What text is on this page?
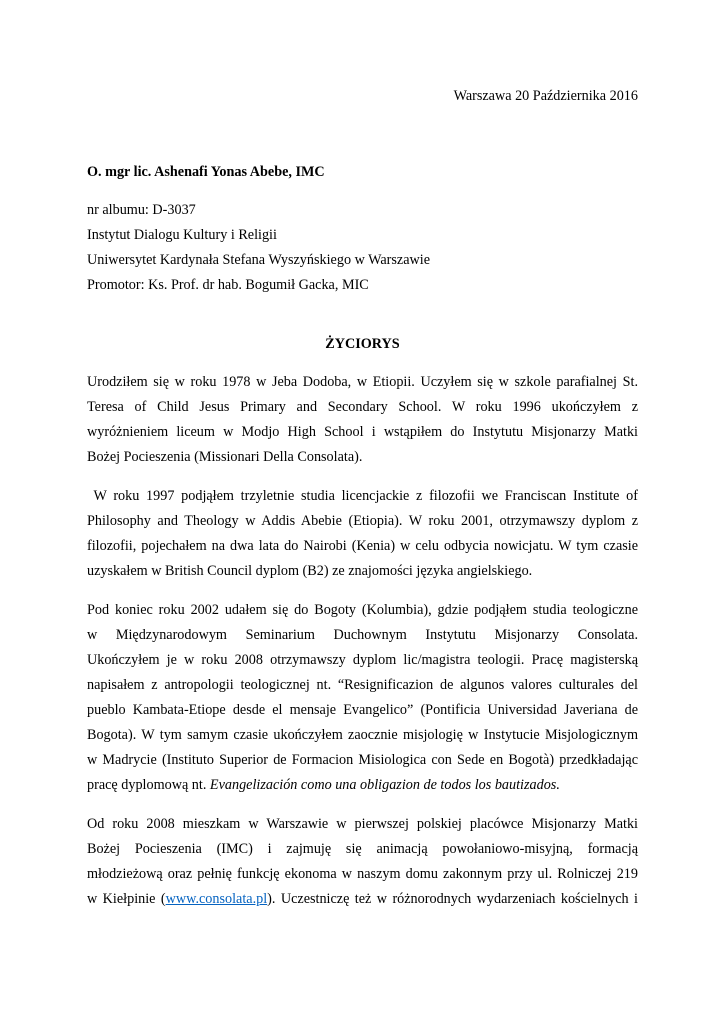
Warszawa 20 Października 2016
O. mgr lic. Ashenafi Yonas Abebe, IMC
nr albumu: D-3037
Instytut Dialogu Kultury i Religii
Uniwersytet Kardynała Stefana Wyszyńskiego w Warszawie
Promotor: Ks. Prof. dr hab. Bogumił Gacka, MIC
ŻYCIORYS
Urodziłem się w roku 1978 w Jeba Dodoba, w Etiopii. Uczyłem się w szkole parafialnej St.
Teresa of Child Jesus Primary and Secondary School. W roku 1996 ukończyłem z
wyróżnieniem liceum w Modjo High School i wstąpiłem do Instytutu Misjonarzy Matki
Bożej Pocieszenia (Missionari Della Consolata).
W roku 1997 podjąłem trzyletnie studia licencjackie z filozofii we Franciscan Institute of
Philosophy and Theology w Addis Abebie (Etiopia). W roku 2001, otrzymawszy dyplom z
filozofii, pojechałem na dwa lata do Nairobi (Kenia) w celu odbycia nowicjatu. W tym czasie
uzyskałem w British Council dyplom (B2) ze znajomości języka angielskiego.
Pod koniec roku 2002 udałem się do Bogoty (Kolumbia), gdzie podjąłem studia teologiczne
w Międzynarodowym Seminarium Duchownym Instytutu Misjonarzy Consolata.
Ukończyłem je w roku 2008 otrzymawszy dyplom lic/magistra teologii. Pracę magisterską
napisałem z antropologii teologicznej nt. “Resignificazion de algunos valores culturales del
pueblo Kambata-Etiope desde el mensaje Evangelico” (Pontificia Universidad Javeriana de
Bogota). W tym samym czasie ukończyłem zaocznie misjologię w Instytucie Misjologicznym
w Madrycie (Instituto Superior de Formacion Misiologica con Sede en Bogotà) przedkładając
pracę dyplomową nt. Evangelización como una obligazion de todos los bautizados.
Od roku 2008 mieszkam w Warszawie w pierwszej polskiej placówce Misjonarzy Matki
Bożej Pocieszenia (IMC) i zajmuję się animacją powołaniowo-misyjną, formacją
młodzieżową oraz pełnię funkcję ekonoma w naszym domu zakonnym przy ul. Rolniczej 219
w Kiełpinie (www.consolata.pl). Uczestniczę też w różnorodnych wydarzeniach kościelnych i
